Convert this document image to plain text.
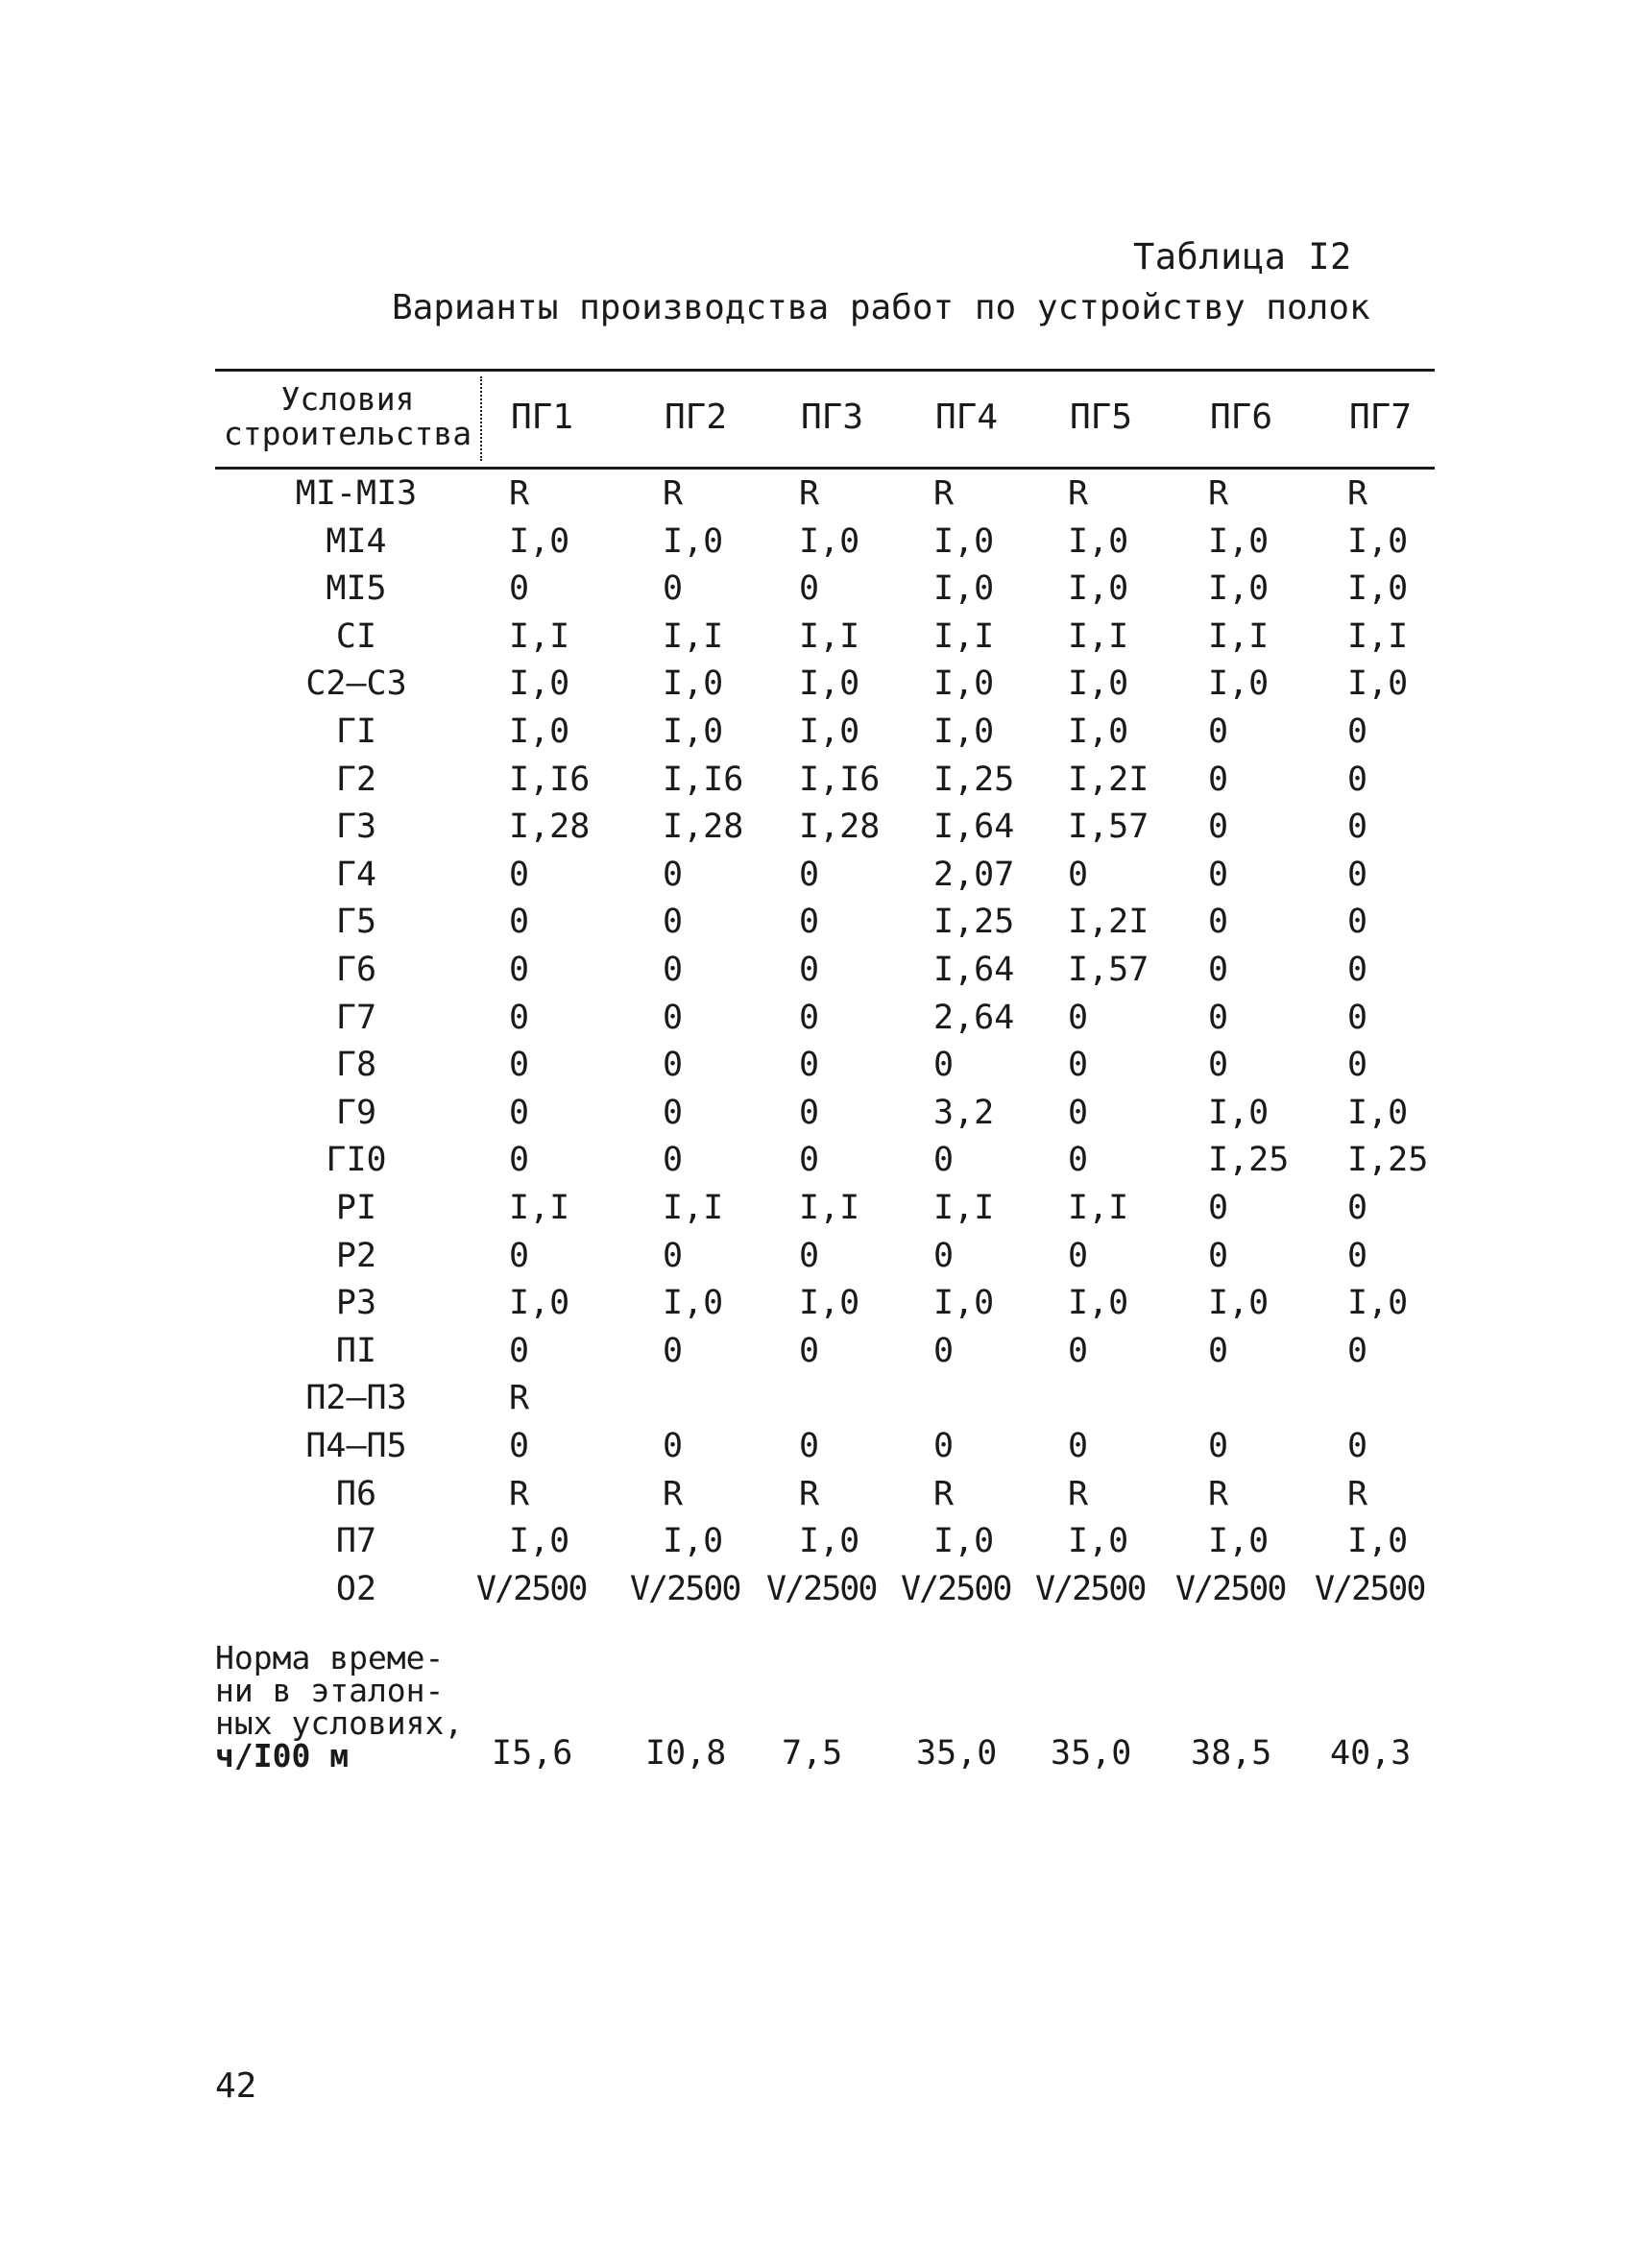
Таблица I2
Варианты производства работ по устройству полок
Условия
строительства ПГ1	ПГ2 ПГ3 ПГ4 ПГ5 ПГ6 ПГ7
MI-MI3	R	R	R	R	R	R	R
MI4	I,0	I,0 I,0 I,0 I,0 I,0 I,0
MI5	0	0	0	I,0 I,0 I,0 I,0
CI	I,I	I,I I,I I,I I,I I,I I,I
C2–C3	I,0	I,0 I,0 I,0 I,0 I,0 I,0
ГI	I,0	I,0 I,0 I,0 I,0 0	0
Г2	I,I6 I,I6 I,I6 I,25 I,2I 0	0
Г3	I,28 I,28 I,28 I,64 I,57 0	0
Г4	0	0	0	2,07 0	0	0
Г5	0	0	0	I,25 I,2I 0	0
Г6	0	0	0	I,64 I,57 0	0
Г7	0	0	0	2,64 0	0	0
Г8	0	0	0	0	0	0	0
Г9	0	0	0	3,2 0	I,0 I,0
ГI0	0	0	0	0	0	I,25 I,25
PI	I,I	I,I I,I I,I I,I 0	0
P2	0	0	0	0	0	0	0
P3	I,0	I,0 I,0 I,0 I,0 I,0 I,0
ПI	0	0	0	0	0	0	0
П2–П3	R
П4–П5	0	0	0	0	0	0	0
П6	R	R	R	R	R	R	R
П7	I,0	I,0 I,0 I,0 I,0 I,0 I,0
O2	V/2500 V/2500 V/2500 V/2500 V/2500 V/2500 V/2500
Норма време-
ни в эталон-
ных условиях,
ч/I00 м	I5,6 I0,8 7,5 35,0 35,0 38,5 40,3
42
